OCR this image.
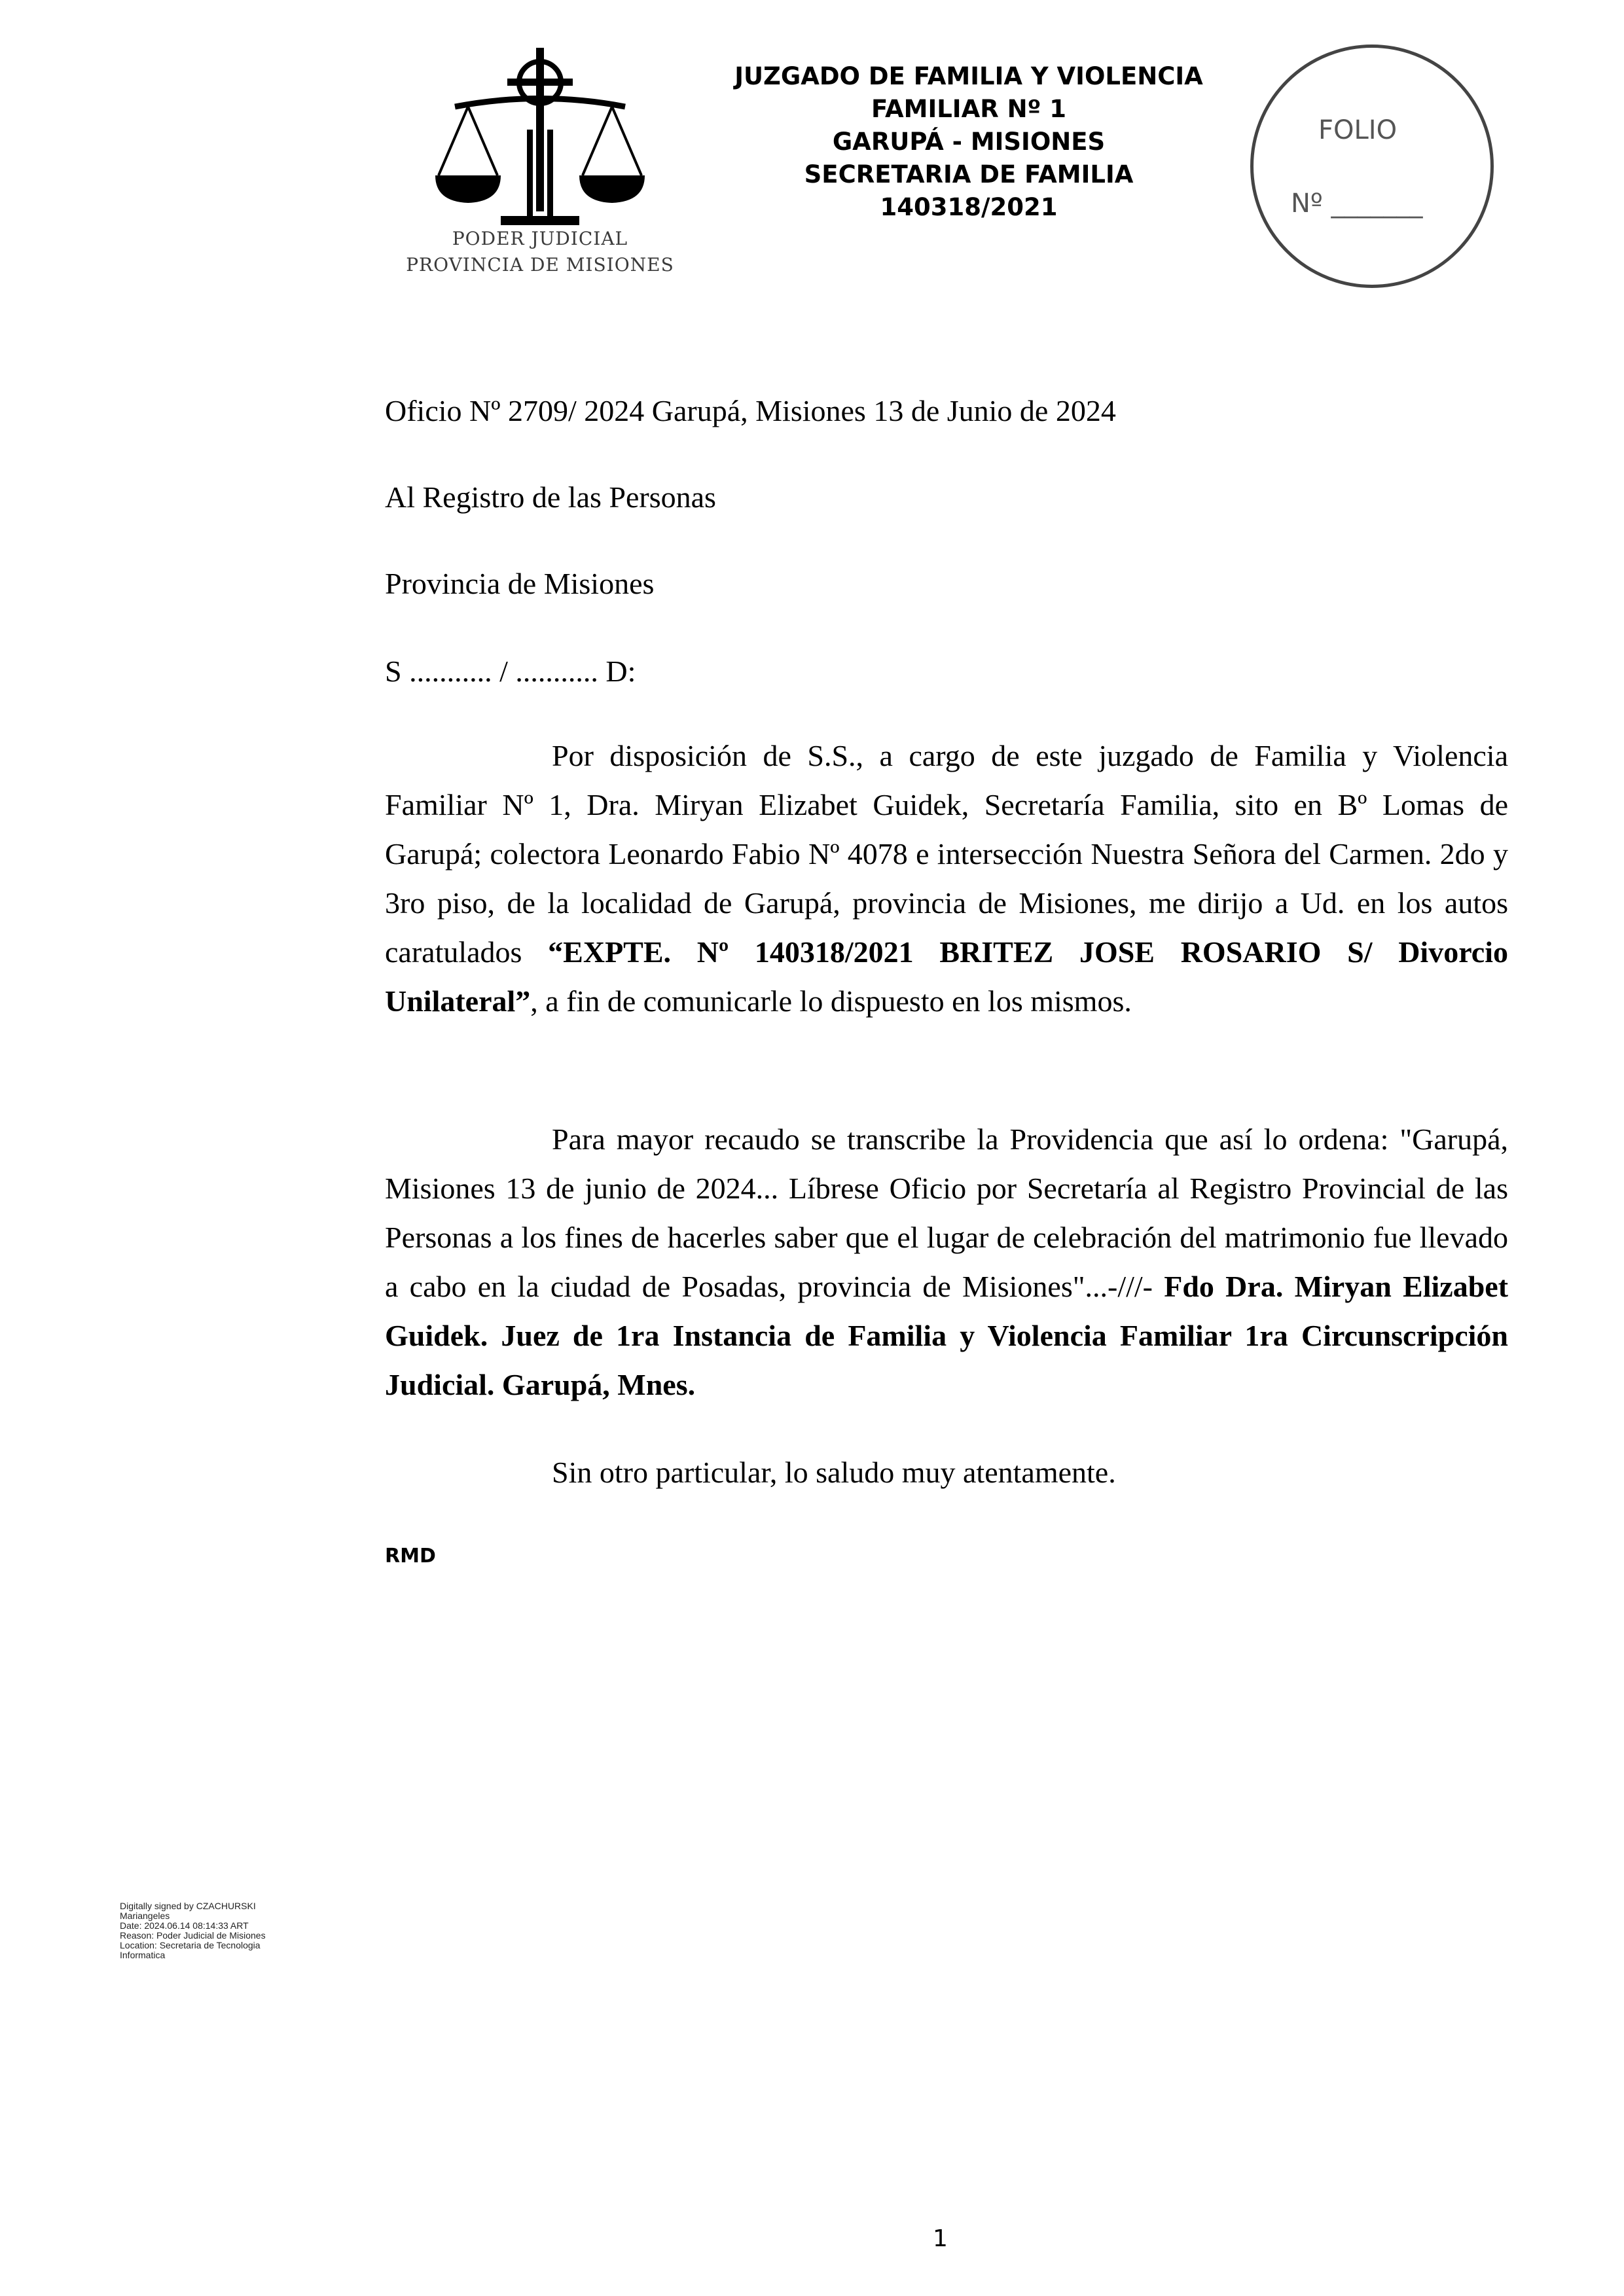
PODER JUDICIAL
PROVINCIA DE MISIONES
JUZGADO DE FAMILIA Y VIOLENCIA
FAMILIAR Nº 1
GARUPÁ - MISIONES
SECRETARIA DE FAMILIA
140318/2021
FOLIO
Nº _______
Oficio Nº 2709/ 2024 Garupá, Misiones 13 de Junio de 2024
Al Registro de las Personas
Provincia de Misiones
S ........... / ........... D:
Por disposición de S.S., a cargo de este juzgado de Familia y Violencia Familiar Nº 1, Dra. Miryan Elizabet Guidek, Secretaría Familia, sito en Bº Lomas de Garupá; colectora Leonardo Fabio Nº 4078 e intersección Nuestra Señora del Carmen. 2do y 3ro piso, de la localidad de Garupá, provincia de Misiones, me dirijo a Ud. en los autos caratulados “EXPTE. Nº 140318/2021 BRITEZ JOSE ROSARIO S/ Divorcio Unilateral”, a fin de comunicarle lo dispuesto en los mismos.
Para mayor recaudo se transcribe la Providencia que así lo ordena: "Garupá, Misiones 13 de junio de 2024... Líbrese Oficio por Secretaría al Registro Provincial de las Personas a los fines de hacerles saber que el lugar de celebración del matrimonio fue llevado a cabo en la ciudad de Posadas, provincia de Misiones"...-///- Fdo Dra. Miryan Elizabet Guidek. Juez de 1ra Instancia de Familia y Violencia Familiar 1ra Circunscripción Judicial. Garupá, Mnes.
Sin otro particular, lo saludo muy atentamente.
RMD
Digitally signed by CZACHURSKI
Mariangeles
Date: 2024.06.14 08:14:33 ART
Reason: Poder Judicial de Misiones
Location: Secretaria de Tecnologia
Informatica
1
